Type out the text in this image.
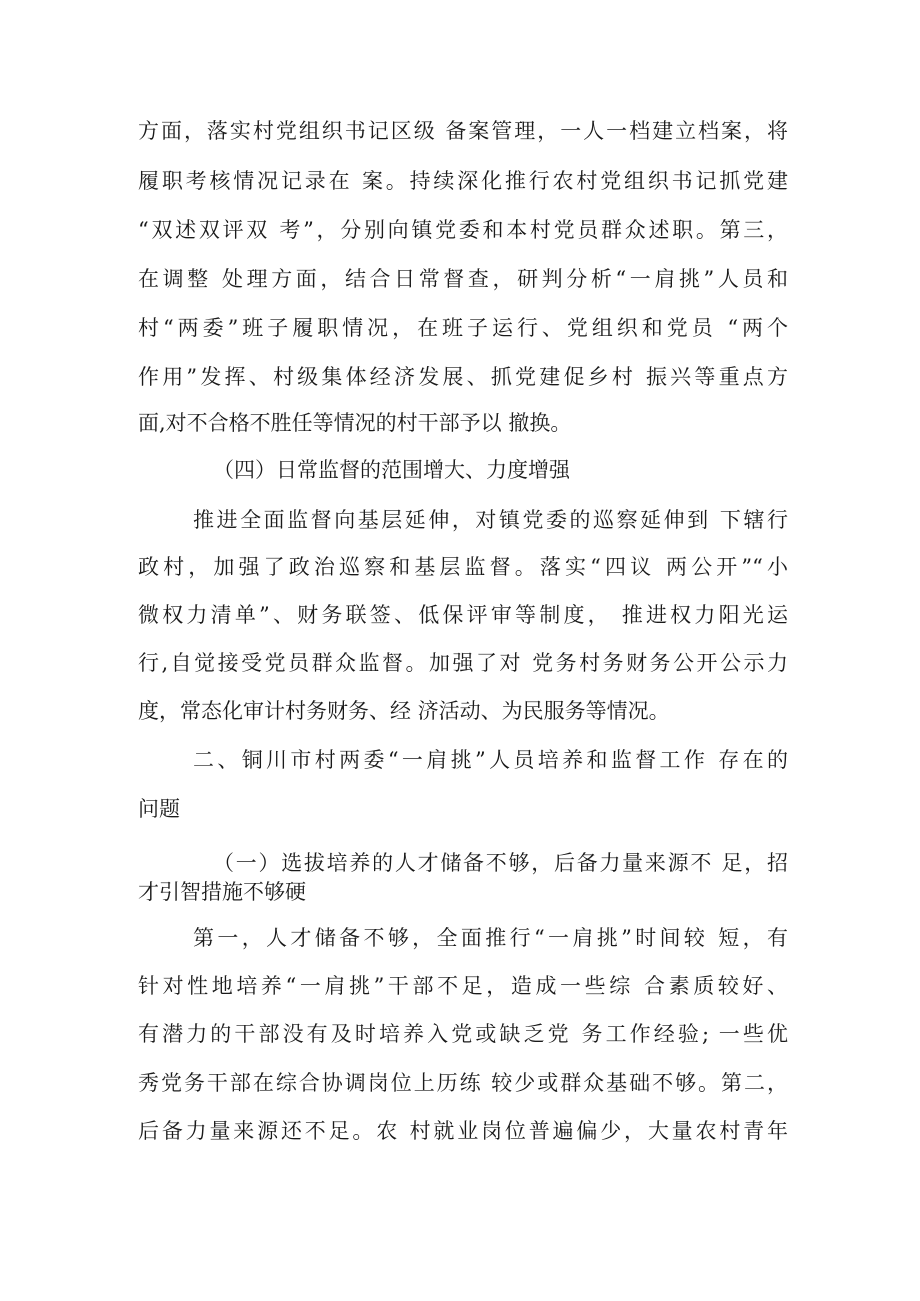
方面，落实村党组织书记区级 备案管理，一人一档建立档案，将
履职考核情况记录在 案。持续深化推行农村党组织书记抓党建
“双述双评双 考”，分别向镇党委和本村党员群众述职。第三，
在调整 处理方面，结合日常督查，研判分析“一肩挑”人员和
村“两委”班子履职情况，在班子运行、党组织和党员 “两个
作用”发挥、村级集体经济发展、抓党建促乡村 振兴等重点方
面,对不合格不胜任等情况的村干部予以 撤换。
（四）日常监督的范围增大、力度增强
推进全面监督向基层延伸，对镇党委的巡察延伸到 下辖行
政村，加强了政治巡察和基层监督。落实“四议 两公开”“小
微权力清单”、财务联签、低保评审等制度， 推进权力阳光运
行,自觉接受党员群众监督。加强了对 党务村务财务公开公示力
度，常态化审计村务财务、经 济活动、为民服务等情况。
二、铜川市村两委“一肩挑”人员培养和监督工作 存在的
问题
（一）选拔培养的人才储备不够，后备力量来源不 足，招
才引智措施不够硬
第一，人才储备不够，全面推行“一肩挑”时间较 短，有
针对性地培养“一肩挑”干部不足，造成一些综 合素质较好、
有潜力的干部没有及时培养入党或缺乏党 务工作经验; 一些优
秀党务干部在综合协调岗位上历练 较少或群众基础不够。第二，
后备力量来源还不足。农 村就业岗位普遍偏少，大量农村青年
